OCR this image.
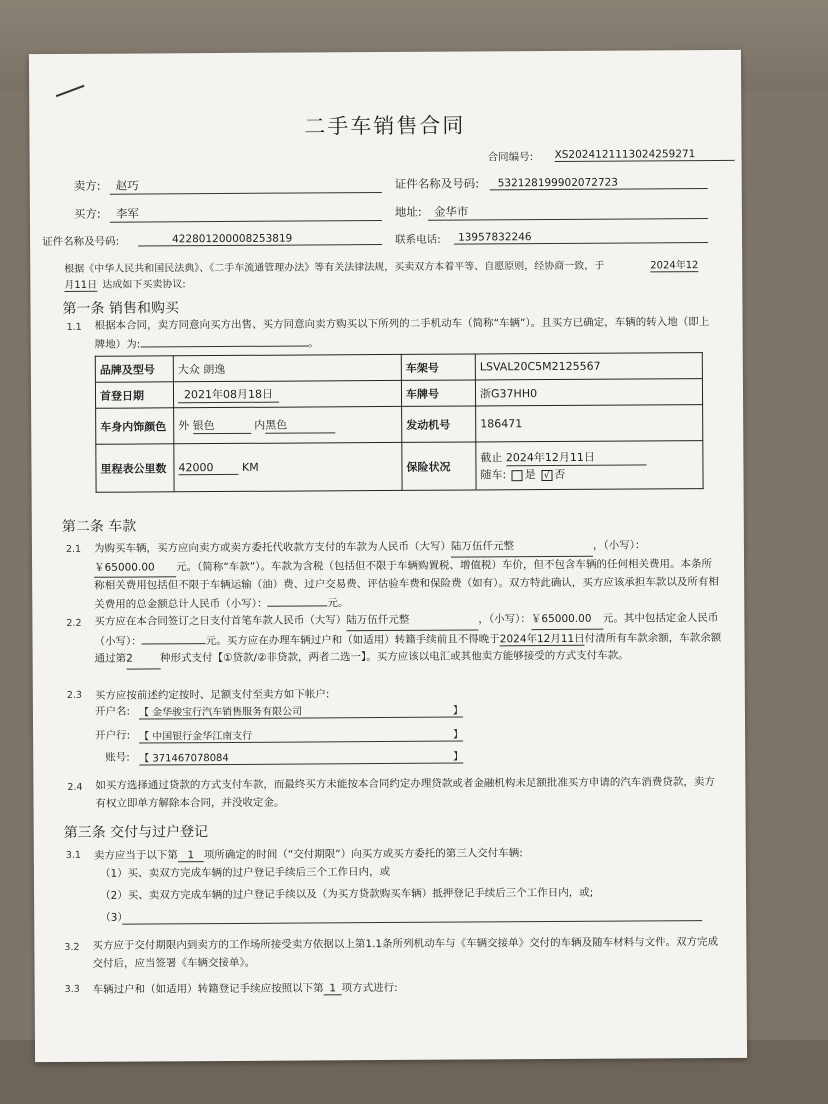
二手车销售合同
合同编号: XS2024121113024259271
卖方:	赵巧	证件名称及号码:	532128199902072723
买方:	李军	地址:	金华市
证件名称及号码:	422801200008253819	联系电话:	13957832246
根据《中华人民共和国民法典》、《二手车流通管理办法》等有关法律法规，买卖双方本着平等、自愿原则，经协商一致，于	2024年12
月11日 达成如下买卖协议:
第一条 销售和购买
1.1 根据本合同，卖方同意向买方出售、买方同意向卖方购买以下所列的二手机动车（简称“车辆”）。且买方已确定，车辆的转入地（即上牌地）为:	。
品牌及型号	大众 朗逸	车架号	LSVAL20C5M2125567
首登日期	2021年08月18日	车牌号	浙G37HH0
车身内饰颜色	外 银色 内黑色	发动机号	186471
里程表公里数	42000 KM	保险状况	截止 2024年12月11日
随车: 是 √ 否
第二条 车款
2.1 为购买车辆，买方应向卖方或卖方委托代收款方支付的车款为人民币（大写）陆万伍仟元整	，（小写）：
￥65000.00 元。（简称“车款”）。车款为含税（包括但不限于车辆购置税、增值税）车价，但不包含车辆的任何相关费用。本条所称相关费用包括但不限于车辆运输（油）费、过户交易费、评估验车费和保险费（如有）。双方特此确认，买方应该承担车款以及所有相关费用的总金额总计人民币（小写）：	元。
2.2 买方应在本合同签订之日支付首笔车款人民币（大写）陆万伍仟元整	，（小写）：￥65000.00 元。其中包括定金人民币（小写）：	元。买方应在办理车辆过户和（如适用）转籍手续前且不得晚于2024年12月11日付清所有车款余额，车款余额通过第2	种形式支付【①贷款/②非贷款，两者二选一】。买方应该以电汇或其他卖方能够接受的方式支付车款。
2.3 买方应按前述约定按时、足额支付至卖方如下帐户:
开户名: 【 金华骏宝行汽车销售服务有限公司	】
开户行: 【 中国银行金华江南支行	】
账号: 【 371467078084	】
2.4 如买方选择通过贷款的方式支付车款，而最终买方未能按本合同约定办理贷款或者金融机构未足额批准买方申请的汽车消费贷款，卖方有权立即单方解除本合同，并没收定金。
第三条 交付与过户登记
3.1 卖方应当于以下第 1 项所确定的时间（“交付期限”）向买方或买方委托的第三人交付车辆:
（1）买、卖双方完成车辆的过户登记手续后三个工作日内，或
（2）买、卖双方完成车辆的过户登记手续以及（为买方贷款购买车辆）抵押登记手续后三个工作日内，或;
（3）
3.2 买方应于交付期限内到卖方的工作场所接受卖方依据以上第1.1条所列机动车与《车辆交接单》交付的车辆及随车材料与文件。双方完成交付后，应当签署《车辆交接单》。
3.3 车辆过户和（如适用）转籍登记手续应按照以下第 1 项方式进行:
